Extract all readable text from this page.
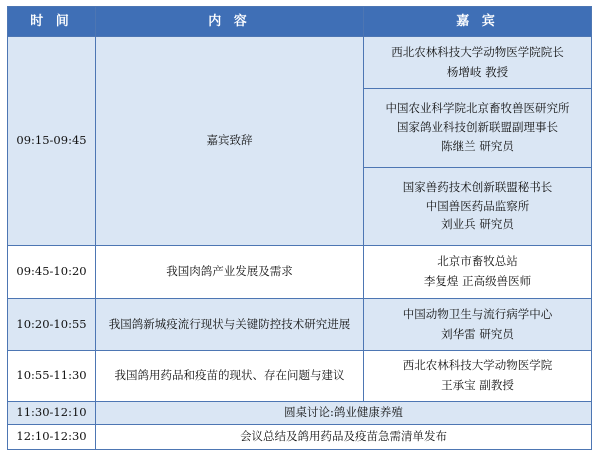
时 间	内 容	嘉 宾
09:15-09:45	嘉宾致辞	西北农林科技大学动物医学院院长
杨增岐 教授

		中国农业科学院北京畜牧兽医研究所
国家鸽业科技创新联盟副理事长
陈继兰 研究员

		国家兽药技术创新联盟秘书长
中国兽医药品监察所
刘业兵 研究员

09:45-10:20	我国肉鸽产业发展及需求	北京市畜牧总站
李复煌 正高级兽医师

10:20-10:55	我国鸽新城疫流行现状与关键防控技术研究进展	中国动物卫生与流行病学中心
刘华雷 研究员

10:55-11:30	我国鸽用药品和疫苗的现状、存在问题与建议	西北农林科技大学动物医学院
王承宝 副教授

11:30-12:10	圆桌讨论:鸽业健康养殖	
12:10-12:30	会议总结及鸽用药品及疫苗急需清单发布	
